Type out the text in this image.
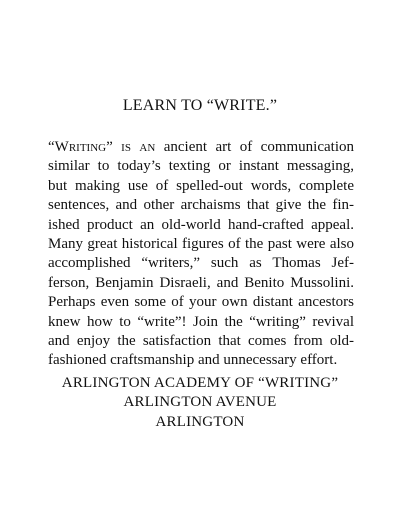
LEARN TO “WRITE.”
“Writing” is an ancient art of communication
similar to today’s texting or instant messaging,
but making use of spelled-out words, complete
sentences, and other archaisms that give the fin-
ished product an old-world hand-crafted appeal.
Many great historical figures of the past were also
accomplished “writers,” such as Thomas Jef-
ferson, Benjamin Disraeli, and Benito Mussolini.
Perhaps even some of your own distant ancestors
knew how to “write”! Join the “writing” revival
and enjoy the satisfaction that comes from old-
fashioned craftsmanship and unnecessary effort.
ARLINGTON ACADEMY OF “WRITING”
ARLINGTON AVENUE
ARLINGTON
